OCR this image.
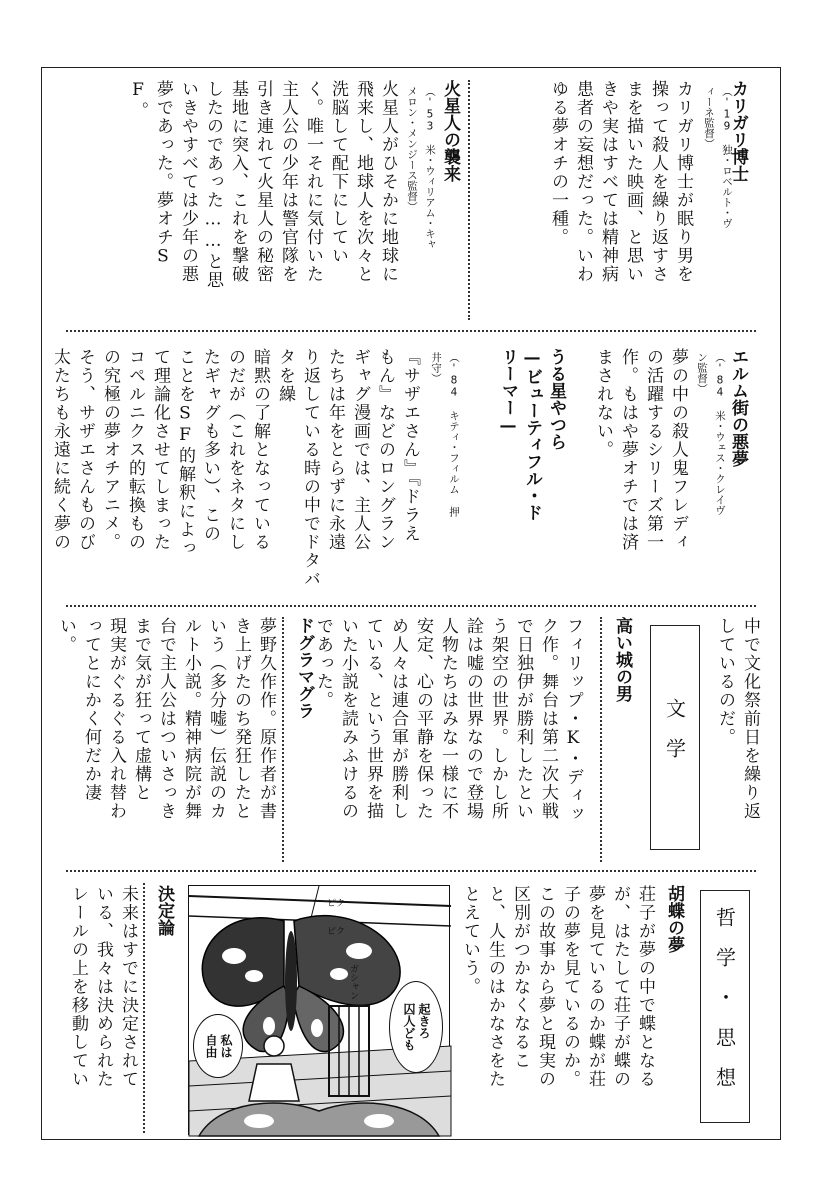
カリガリ博士
（'19 独・ロベルト・ヴィーネ監督）
カリガリ博士が眠り男を
操って殺人を繰り返すさ
まを描いた映画、と思い
きや実はすべては精神病
患者の妄想だった。いわ
ゆる夢オチの一種。
火星人の襲来
（'53 米・ウィリアム・キャ
メロン・メンジース監督）
火星人がひそかに地球に
飛来し、地球人を次々と
洗脳して配下にしてい
く。唯一それに気付いた
主人公の少年は警官隊を
引き連れて火星人の秘密
基地に突入、これを撃破
したのであった……と思
いきやすべては少年の悪
夢であった。夢オチS
F。
エルム街の悪夢
（'84 米・ウェス・クレイヴ
ン監督）
夢の中の殺人鬼フレディ
の活躍するシリーズ第一
作。もはや夢オチでは済
まされない。
うる星やつら
—ビューティフル・ド
リーマー—
（'84 キティ・フィルム 押
井守）
『サザエさん』『ドラえ
もん』などのロングラン
ギャグ漫画では、主人公
たちは年をとらずに永遠
り返している時の中でドタバタを繰
暗黙の了解となっている
のだが（これをネタにし
たギャグも多い）、この
ことをSF的解釈によっ
て理論化させてしまった
コペルニクス的転換もの
の究極の夢オチアニメ。
そう、サザエさんものび
太たちも永遠に続く夢の
中で文化祭前日を繰り返
しているのだ。
文学
高い城の男
フィリップ・K・ディッ
ク作。舞台は第二次大戦
で日独伊が勝利したとい
う架空の世界。しかし所
詮は嘘の世界なので登場
人物たちはみな一様に不
安定、心の平静を保った
め人々は連合軍が勝利し
ている、という世界を描
いた小説を読みふけるの
であった。
ドグラマグラ
夢野久作作。原作者が書
き上げたのち発狂したと
いう（多分嘘）伝説のカ
ルト小説。精神病院が舞
台で主人公はついさっき
まで気が狂って虚構と
現実がぐるぐる入れ替わ
ってとにかく何だか凄
い。
哲学・思想
胡蝶の夢
荘子が夢の中で蝶となる
が、はたして荘子が蝶の
夢を見ているのか蝶が荘
子の夢を見ているのか。
この故事から夢と現実の
区別がつかなくなるこ
と、人生のはかなさをた
とえていう。
起きろ
囚人ども
私は
自由
ピク
ピク
ガシャン
決定論
未来はすでに決定されて
いる、我々は決められた
レールの上を移動してい
